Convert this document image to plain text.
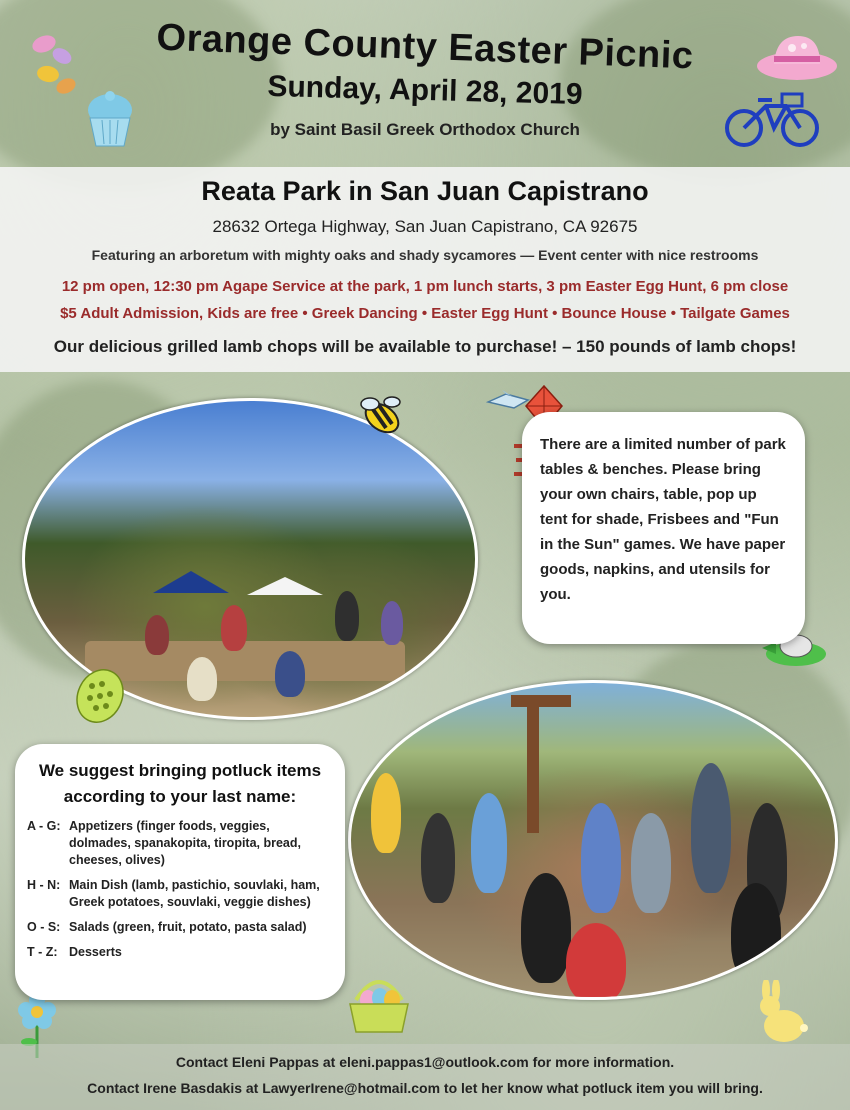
Orange County Easter Picnic
Sunday, April 28, 2019
by Saint Basil Greek Orthodox Church
Reata Park in San Juan Capistrano
28632 Ortega Highway, San Juan Capistrano, CA 92675
Featuring an arboretum with mighty oaks and shady sycamores — Event center with nice restrooms
12 pm open, 12:30 pm Agape Service at the park, 1 pm lunch starts, 3 pm Easter Egg Hunt, 6 pm close
$5 Adult Admission, Kids are free • Greek Dancing • Easter Egg Hunt • Bounce House • Tailgate Games
Our delicious grilled lamb chops will be available to purchase! – 150 pounds of lamb chops!

There are a limited number of park tables & benches. Please bring your own chairs, table, pop up tent for shade, Frisbees and "Fun in the Sun" games. We have paper goods, napkins, and utensils for you.

We suggest bringing potluck items according to your last name:
A - G: Appetizers (finger foods, veggies, dolmades, spanakopita, tiropita, bread, cheeses, olives)
H - N: Main Dish (lamb, pastichio, souvlaki, ham, Greek potatoes, souvlaki, veggie dishes)
O - S: Salads (green, fruit, potato, pasta salad)
T - Z: Desserts
Contact Eleni Pappas at eleni.pappas1@outlook.com for more information.
Contact Irene Basdakis at LawyerIrene@hotmail.com to let her know what potluck item you will bring.
